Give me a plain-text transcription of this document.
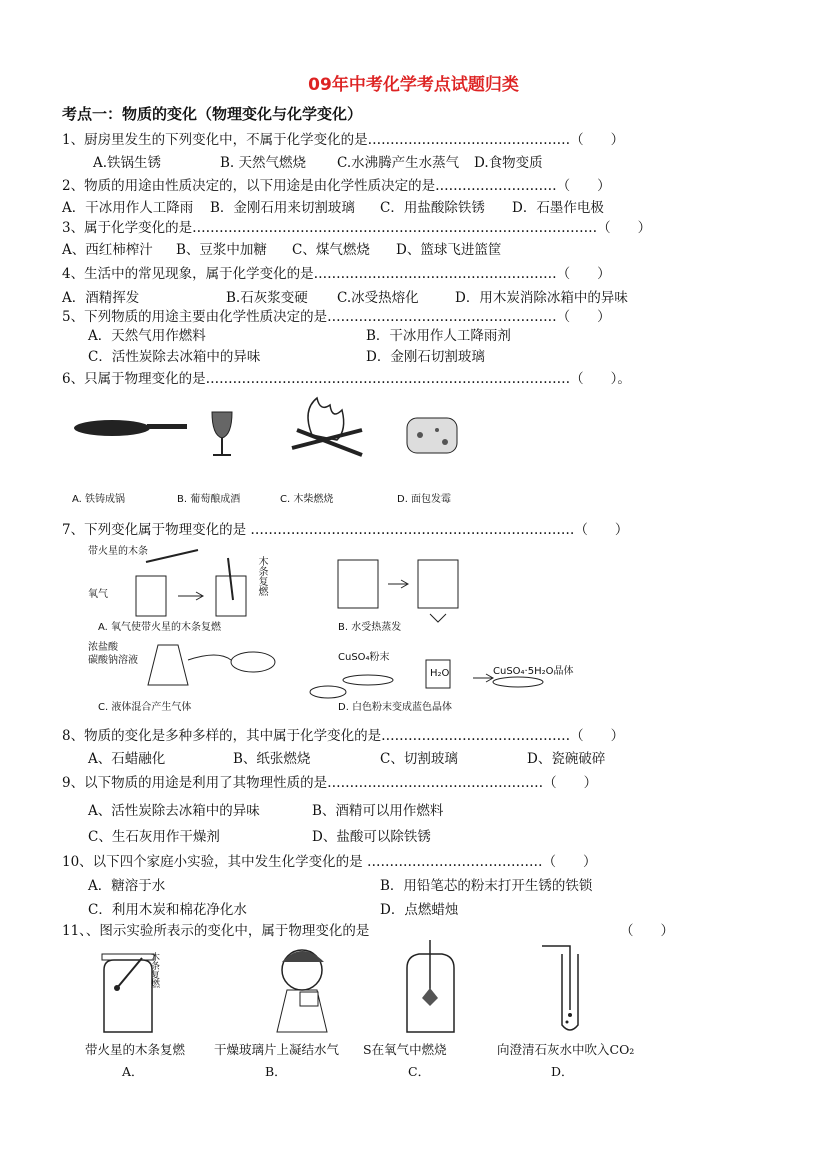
09年中考化学考点试题归类
考点一：物质的变化（物理变化与化学变化）
1、厨房里发生的下列变化中，不属于化学变化的是………………………………………（　　）
A.铁锅生锈	B. 天然气燃烧 C.水沸腾产生水蒸气 D.食物变质
2、物质的用途由性质决定的，以下用途是由化学性质决定的是………………………（　　）
A．干冰用作人工降雨 B．金刚石用来切割玻璃 C．用盐酸除铁锈 D．石墨作电极
3、属于化学变化的是………………………………………………………………………………（　　）
A、西红柿榨汁 B、豆浆中加糖 C、煤气燃烧 D、篮球飞进篮筐
4、生活中的常见现象，属于化学变化的是………………………………………………（　　）
A．酒精挥发	B.石灰浆变硬 C.冰受热熔化	D．用木炭消除冰箱中的异味
5、下列物质的用途主要由化学性质决定的是……………………………………………（　　）
A．天然气用作燃料	B．干冰用作人工降雨剂
C．活性炭除去冰箱中的异味	D．金刚石切割玻璃
6、只属于物理变化的是………………………………………………………………………（　　）。
A. 铁铸成锅	B. 葡萄酿成酒	C. 木柴燃烧	D. 面包发霉
7、下列变化属于物理变化的是 ………………………………………………………………（　　）
带火星的木条
氧气	木条复燃
浓盐酸
碳酸钠溶液	CuSO₄粉末
H₂O	CuSO₄·5H₂O晶体
A. 氧气使带火星的木条复燃	B. 水受热蒸发
C. 液体混合产生气体	D. 白色粉末变成蓝色晶体
8、物质的变化是多种多样的，其中属于化学变化的是……………………………………（　　）
A、石蜡融化	B、纸张燃烧	C、切割玻璃	D、瓷碗破碎
9、以下物质的用途是利用了其物理性质的是…………………………………………（　　）
A、活性炭除去冰箱中的异味	B、酒精可以用作燃料
C、生石灰用作干燥剂	D、盐酸可以除铁锈
10、以下四个家庭小实验，其中发生化学变化的是 …………………………………（　　）
A．糖溶于水	B．用铅笔芯的粉末打开生锈的铁锁
C．利用木炭和棉花净化水	D．点燃蜡烛
11、、图示实验所表示的变化中，属于物理变化的是	（　　）
木条复燃
带火星的木条复燃 干燥玻璃片上凝结水气 S在氧气中燃烧	向澄清石灰水中吹入CO₂
A．	B．	C．	D．
